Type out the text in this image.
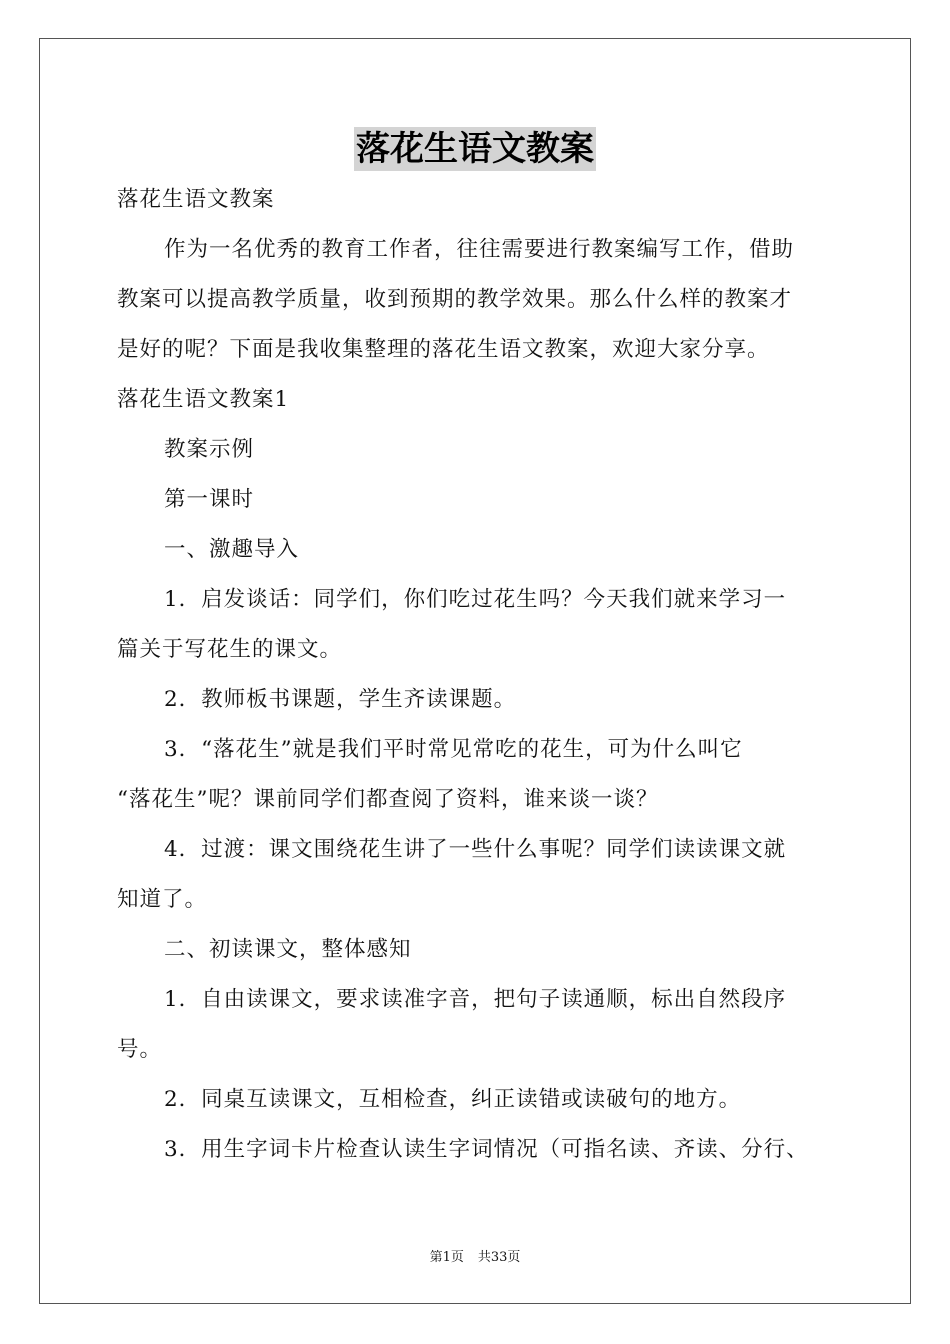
落花生语文教案
落花生语文教案
作为一名优秀的教育工作者，往往需要进行教案编写工作，借助
教案可以提高教学质量，收到预期的教学效果。那么什么样的教案才
是好的呢？下面是我收集整理的落花生语文教案，欢迎大家分享。
落花生语文教案1
教案示例
第一课时
一、激趣导入
1．启发谈话：同学们，你们吃过花生吗？今天我们就来学习一
篇关于写花生的课文。
2．教师板书课题，学生齐读课题。
3．“落花生”就是我们平时常见常吃的花生，可为什么叫它
“落花生”呢？课前同学们都查阅了资料，谁来谈一谈？
4．过渡：课文围绕花生讲了一些什么事呢？同学们读读课文就
知道了。
二、初读课文，整体感知
1．自由读课文，要求读准字音，把句子读通顺，标出自然段序
号。
2．同桌互读课文，互相检查，纠正读错或读破句的地方。
3．用生字词卡片检查认读生字词情况（可指名读、齐读、分行、
第1页 共33页
